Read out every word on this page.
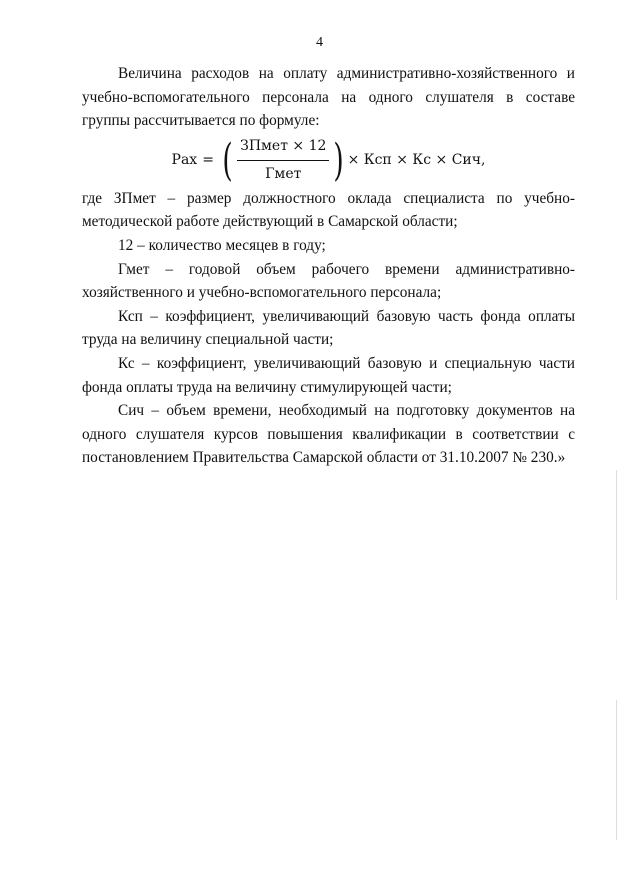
4

Величина расходов на оплату административно-хозяйственного и учебно-вспомогательного персонала на одного слушателя в составе группы рассчитывается по формуле:

Рах = ( $\frac{\text{ЗПмет × 12}}{\text{Гмет}}$ ) × Ксп × Кс × Сич,

где ЗПмет – размер должностного оклада специалиста по учебно-методической работе действующий в Самарской области;

12 – количество месяцев в году;

Гмет – годовой объем рабочего времени административно-хозяйственного и учебно-вспомогательного персонала;

Ксп – коэффициент, увеличивающий базовую часть фонда оплаты труда на величину специальной части;

Кс – коэффициент, увеличивающий базовую и специальную части фонда оплаты труда на величину стимулирующей части;

Сич – объем времени, необходимый на подготовку документов на одного слушателя курсов повышения квалификации в соответствии с постановлением Правительства Самарской области от 31.10.2007 № 230.»
